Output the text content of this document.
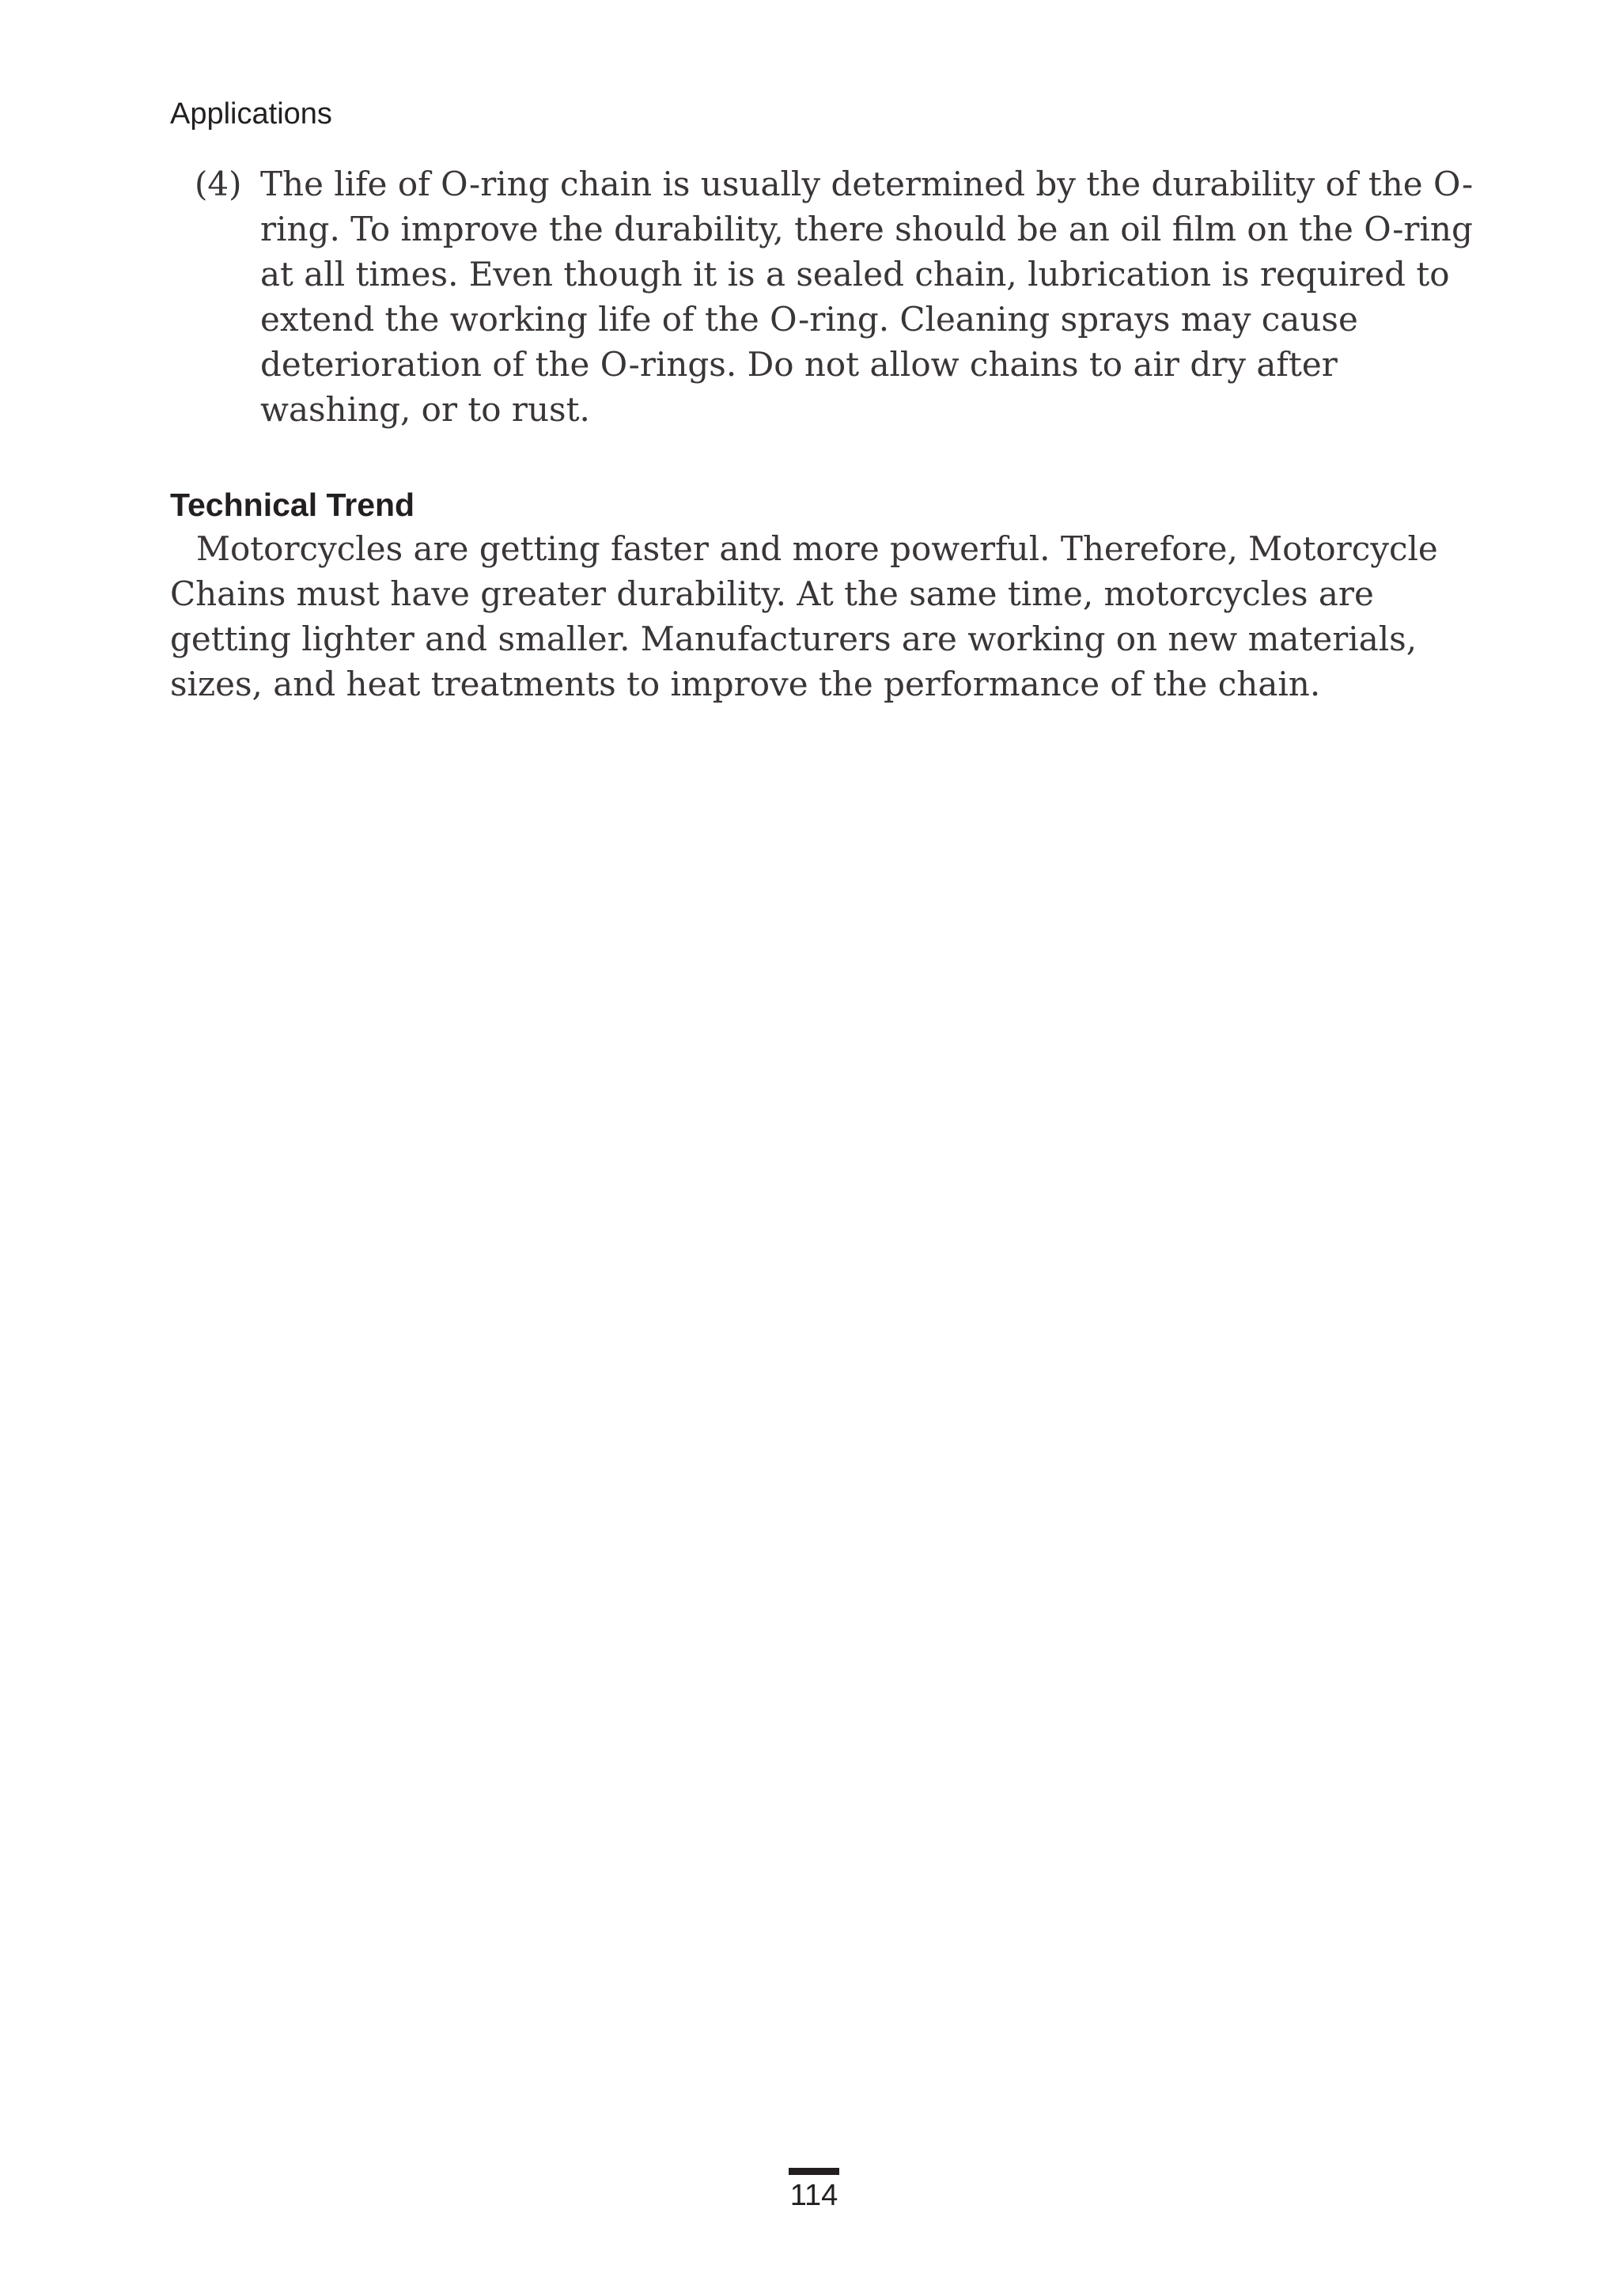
Applications
(4) The life of O-ring chain is usually determined by the durability of the O-ring. To improve the durability, there should be an oil film on the O-ring at all times. Even though it is a sealed chain, lubrication is required to extend the working life of the O-ring. Cleaning sprays may cause deterioration of the O-rings. Do not allow chains to air dry after washing, or to rust.
Technical Trend
Motorcycles are getting faster and more powerful. Therefore, Motorcycle Chains must have greater durability. At the same time, motorcycles are getting lighter and smaller. Manufacturers are working on new materials, sizes, and heat treatments to improve the performance of the chain.
114
